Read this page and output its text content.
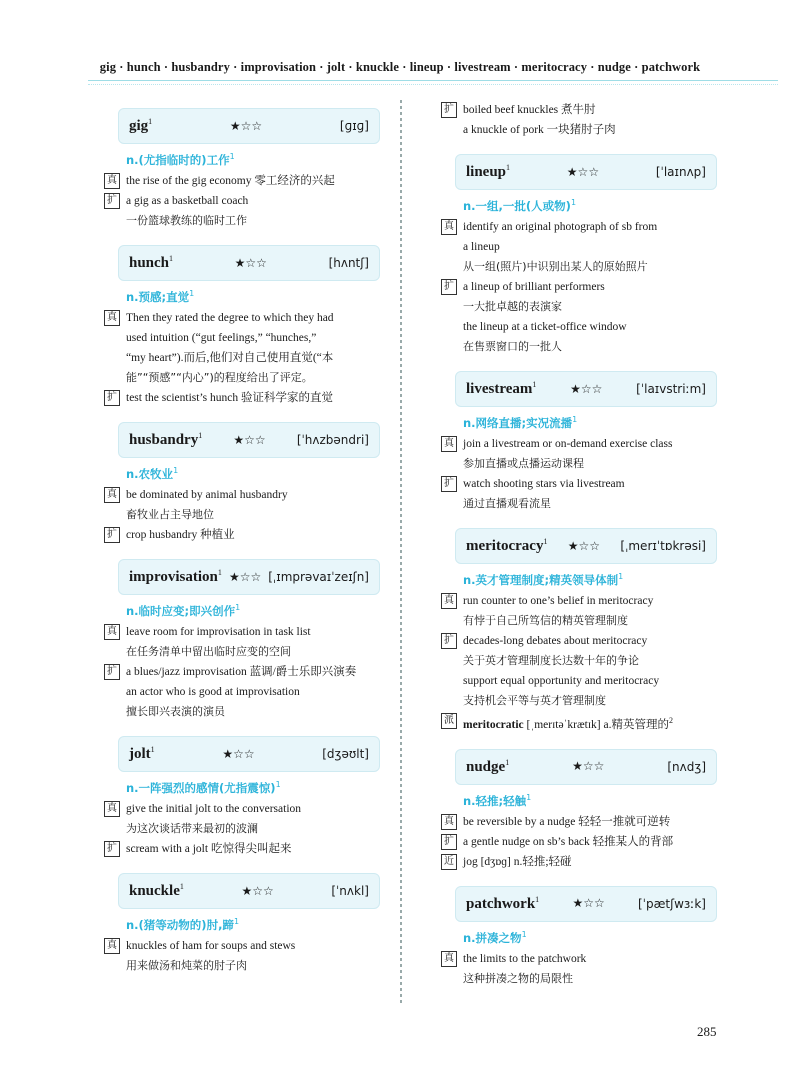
gig · hunch · husbandry · improvisation · jolt · knuckle · lineup · livestream · meritocracy · nudge · patchwork
gig$^1$	★☆☆	[ɡɪɡ]
n.(尤指临时的)工作$^1$
真 the rise of the gig economy 零工经济的兴起
扩 a gig as a basketball coach
一份篮球教练的临时工作
hunch$^1$	★☆☆	[hʌntʃ]
n.预感;直觉$^1$
真 Then they rated the degree to which they had
used intuition (“gut feelings,” “hunches,”
“my heart”).而后,他们对自己使用直觉(“本
能”“预感”“内心”)的程度给出了评定。
扩 test the scientist’s hunch 验证科学家的直觉
husbandry$^1$	★☆☆	[ˈhʌzbəndri]
n.农牧业$^1$
真 be dominated by animal husbandry
畜牧业占主导地位
扩 crop husbandry 种植业
improvisation$^1$ ★☆☆ [ˌɪmprəvaɪˈzeɪʃn]
n.临时应变;即兴创作$^1$
真 leave room for improvisation in task list
在任务清单中留出临时应变的空间
扩 a blues/jazz improvisation 蓝调/爵士乐即兴演奏
an actor who is good at improvisation
擅长即兴表演的演员
jolt$^1$	★☆☆	[dʒəʊlt]
n.一阵强烈的感情(尤指震惊)$^1$
真 give the initial jolt to the conversation
为这次谈话带来最初的波澜
扩 scream with a jolt 吃惊得尖叫起来
knuckle$^1$	★☆☆	[ˈnʌkl]
n.(猪等动物的)肘,蹄$^1$
真 knuckles of ham for soups and stews
用来做汤和炖菜的肘子肉
扩 boiled beef knuckles 煮牛肘
a knuckle of pork 一块猪肘子肉
lineup$^1$	★☆☆	[ˈlaɪnʌp]
n.一组,一批(人或物)$^1$
真 identify an original photograph of sb from
a lineup
从一组(照片)中识别出某人的原始照片
扩 a lineup of brilliant performers
一大批卓越的表演家
the lineup at a ticket-office window
在售票窗口的一批人
livestream$^1$	★☆☆	[ˈlaɪvstriːm]
n.网络直播;实况流播$^1$
真 join a livestream or on-demand exercise class
参加直播或点播运动课程
扩 watch shooting stars via livestream
通过直播观看流星
meritocracy$^1$ ★☆☆ [ˌmerɪˈtɒkrəsi]
n.英才管理制度;精英领导体制$^1$
真 run counter to one’s belief in meritocracy
有悖于自己所笃信的精英管理制度
扩 decades-long debates about meritocracy
关于英才管理制度长达数十年的争论
support equal opportunity and meritocracy
支持机会平等与英才管理制度
派 meritocratic [ˌmerɪtəˈkrætɪk] a.精英管理的$^2$
nudge$^1$	★☆☆	[nʌdʒ]
n.轻推;轻触$^1$
真 be reversible by a nudge 轻轻一推就可逆转
扩 a gentle nudge on sb’s back 轻推某人的背部
近 jog [dʒɒɡ] n.轻推;轻碰
patchwork$^1$	★☆☆	[ˈpætʃwɜːk]
n.拼凑之物$^1$
真 the limits to the patchwork
这种拼凑之物的局限性
285
